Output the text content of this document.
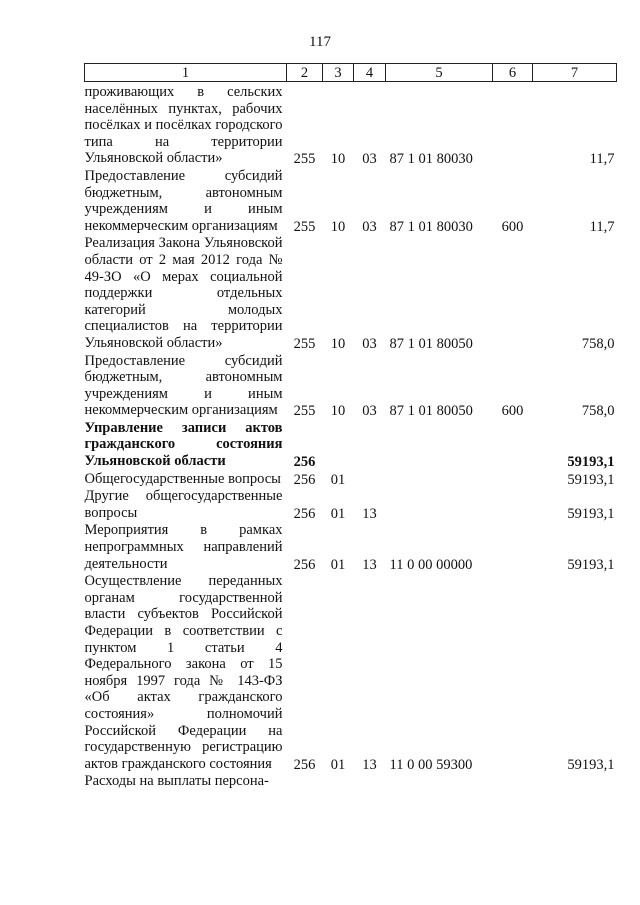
117
1	2	3	4	5	6	7
проживающих в сельских населённых пунктах, рабочих посёлках и посёлках городского типа на территории Ульяновской области»	255	10	03	87 1 01 80030		11,7
Предоставление субсидий бюджетным, автономным учреждениям и иным некоммерческим организациям	255	10	03	87 1 01 80030	600	11,7
Реализация Закона Ульяновской области от 2 мая 2012 года № 49-ЗО «О мерах социальной поддержки отдельных категорий молодых специалистов на территории Ульяновской области»	255	10	03	87 1 01 80050		758,0
Предоставление субсидий бюджетным, автономным учреждениям и иным некоммерческим организациям	255	10	03	87 1 01 80050	600	758,0
Управление записи актов гражданского состояния Ульяновской области	256					59193,1
Общегосударственные вопросы	256	01				59193,1
Другие общегосударственные вопросы	256	01	13			59193,1
Мероприятия в рамках непрограммных направлений деятельности	256	01	13	11 0 00 00000		59193,1
Осуществление переданных органам государственной власти субъектов Российской Федерации в соответствии с пунктом 1 статьи 4 Федерального закона от 15 ноября 1997 года № 143-ФЗ «Об актах гражданского состояния» полномочий Российской Федерации на государственную регистрацию актов гражданского состояния	256	01	13	11 0 00 59300		59193,1
Расходы на выплаты персона-						
